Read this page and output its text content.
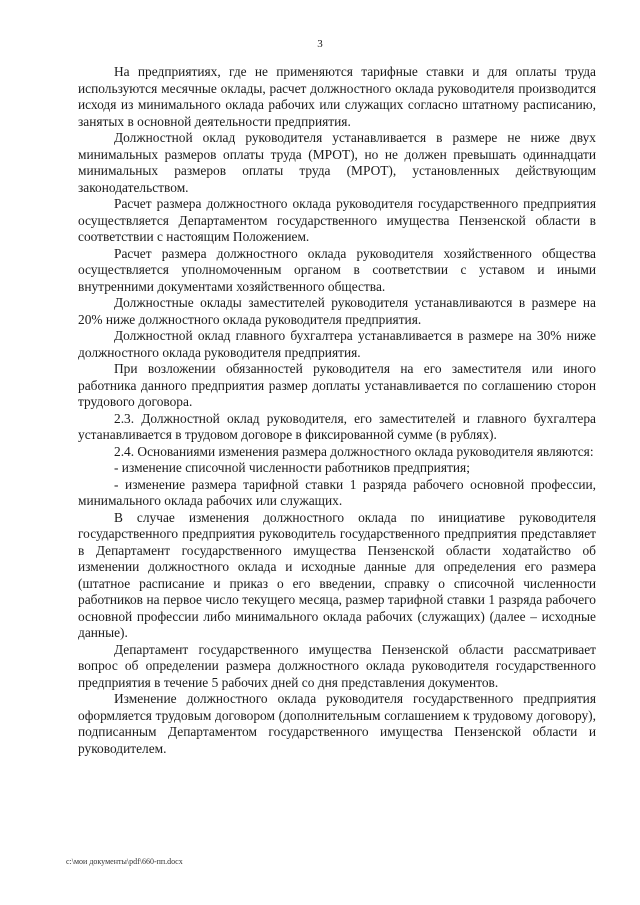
3

На предприятиях, где не применяются тарифные ставки и для оплаты труда используются месячные оклады, расчет должностного оклада руководителя производится исходя из минимального оклада рабочих или служащих согласно штатному расписанию, занятых в основной деятельности предприятия.

Должностной оклад руководителя устанавливается в размере не ниже двух минимальных размеров оплаты труда (МРОТ), но не должен превышать одиннадцати минимальных размеров оплаты труда (МРОТ), установленных действующим законодательством.

Расчет размера должностного оклада руководителя государственного предприятия осуществляется Департаментом государственного имущества Пензенской области в соответствии с настоящим Положением.

Расчет размера должностного оклада руководителя хозяйственного общества осуществляется уполномоченным органом в соответствии с уставом и иными внутренними документами хозяйственного общества.

Должностные оклады заместителей руководителя устанавливаются в размере на 20% ниже должностного оклада руководителя предприятия.

Должностной оклад главного бухгалтера устанавливается в размере на 30% ниже должностного оклада руководителя предприятия.

При возложении обязанностей руководителя на его заместителя или иного работника данного предприятия размер доплаты устанавливается по соглашению сторон трудового договора.

2.3. Должностной оклад руководителя, его заместителей и главного бухгалтера устанавливается в трудовом договоре в фиксированной сумме (в рублях).

2.4. Основаниями изменения размера должностного оклада руководителя являются:

- изменение списочной численности работников предприятия;

- изменение размера тарифной ставки 1 разряда рабочего основной профессии, минимального оклада рабочих или служащих.

В случае изменения должностного оклада по инициативе руководителя государственного предприятия руководитель государственного предприятия представляет в Департамент государственного имущества Пензенской области ходатайство об изменении должностного оклада и исходные данные для определения его размера (штатное расписание и приказ о его введении, справку о списочной численности работников на первое число текущего месяца, размер тарифной ставки 1 разряда рабочего основной профессии либо минимального оклада рабочих (служащих) (далее – исходные данные).

Департамент государственного имущества Пензенской области рассматривает вопрос об определении размера должностного оклада руководителя государственного предприятия в течение 5 рабочих дней со дня представления документов.

Изменение должностного оклада руководителя государственного предприятия оформляется трудовым договором (дополнительным соглашением к трудовому договору), подписанным Департаментом государственного имущества Пензенской области и руководителем.

c:\мои документы\pdf\660-пп.docx
